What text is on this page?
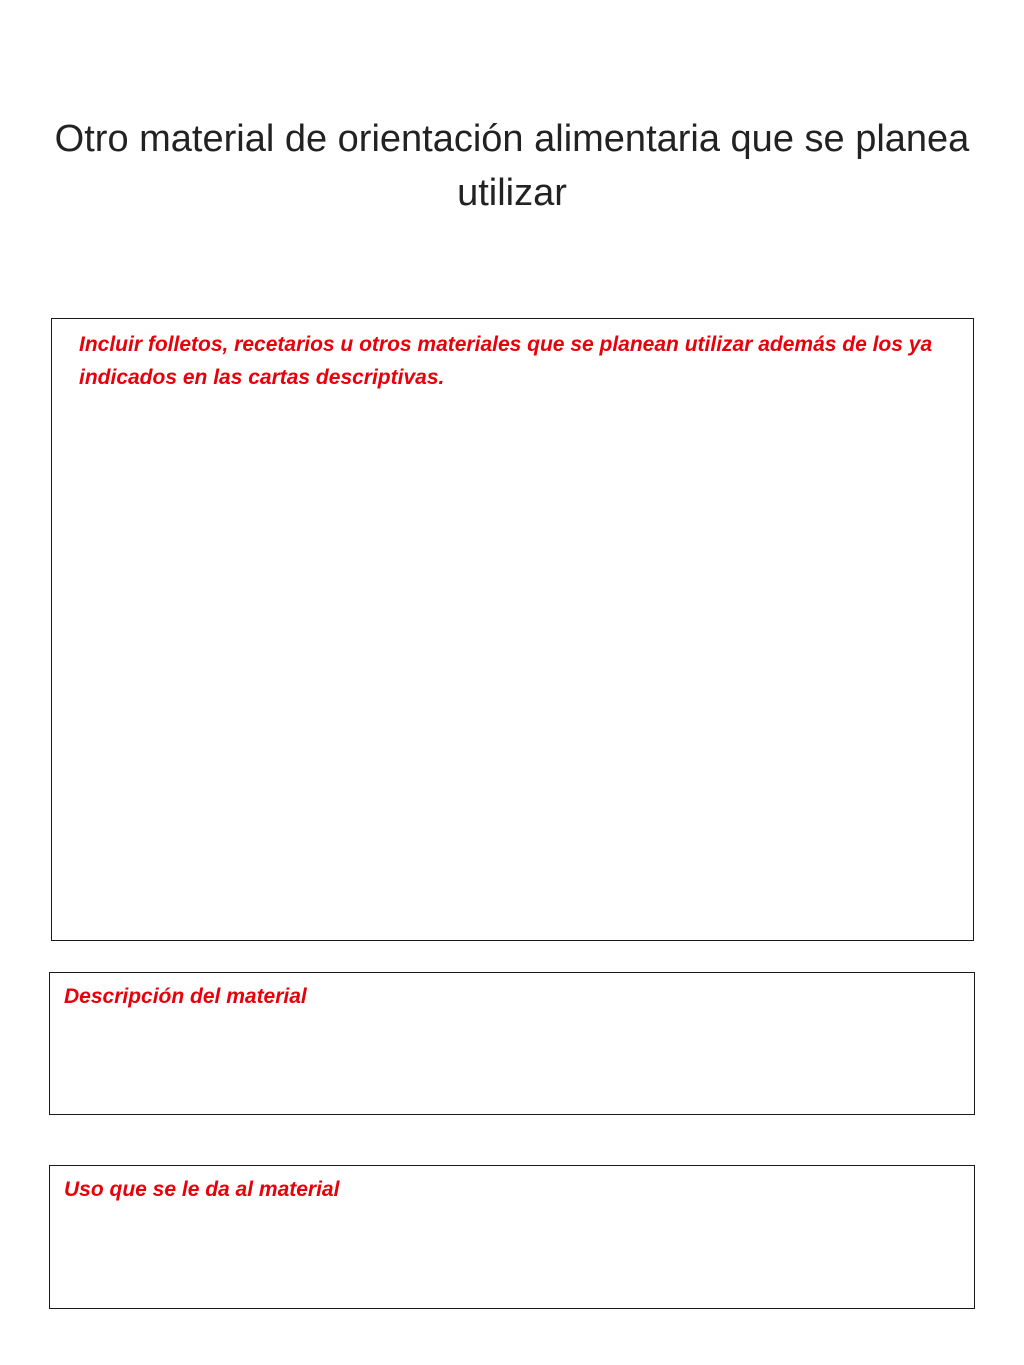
Otro material de orientación alimentaria que se planea utilizar

Incluir folletos, recetarios u otros materiales que se planean utilizar además de los ya indicados en las cartas descriptivas.

Descripción del material

Uso que se le da al material
